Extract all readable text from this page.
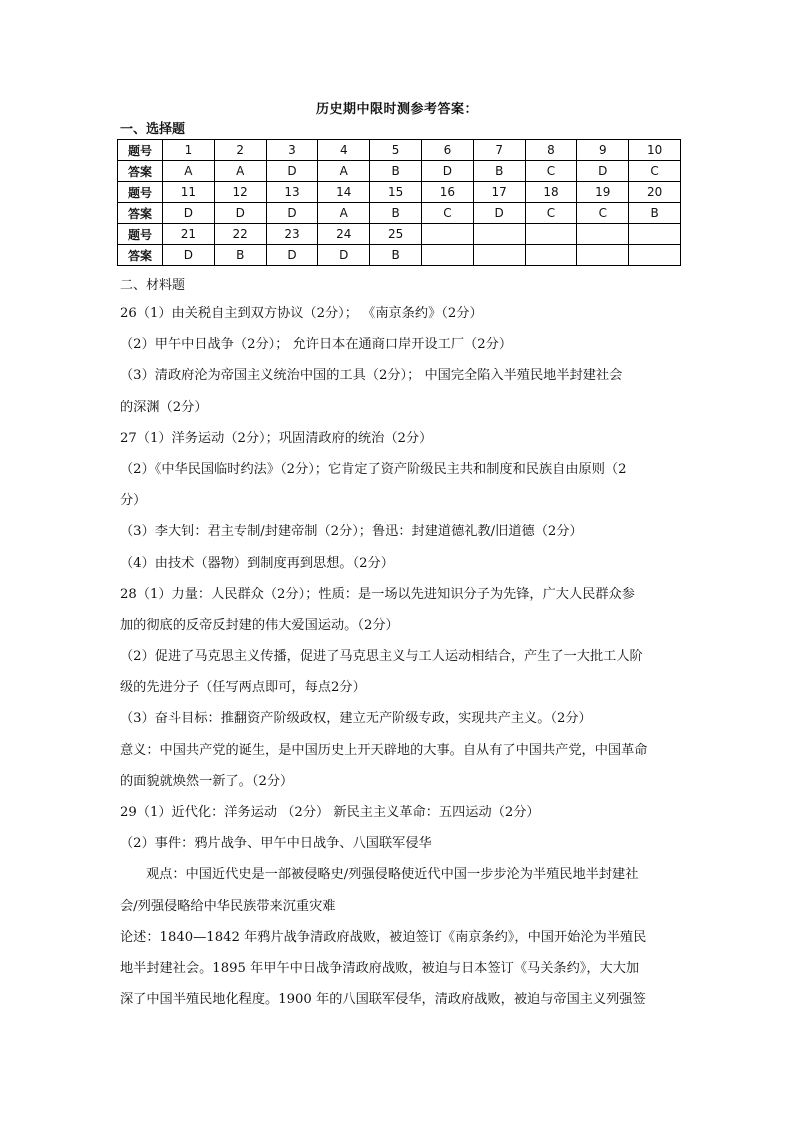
历史期中限时测参考答案：
一、选择题
题号	1	2	3	4	5	6	7	8	9	10
答案	A	A	D	A	B	D	B	C	D	C
题号	11	12	13	14	15	16	17	18	19	20
答案	D	D	D	A	B	C	D	C	C	B
题号	21	22	23	24	25					
答案	D	B	D	D	B					
二、材料题
26（1）由关税自主到双方协议（2分）； 《南京条约》（2分）
（2）甲午中日战争（2分）； 允许日本在通商口岸开设工厂（2分）
（3）清政府沦为帝国主义统治中国的工具（2分）； 中国完全陷入半殖民地半封建社会
的深渊（2分）
27（1）洋务运动（2分）；巩固清政府的统治（2分）
（2）《中华民国临时约法》（2分）；它肯定了资产阶级民主共和制度和民族自由原则（2
分）
（3）李大钊：君主专制/封建帝制（2分）；鲁迅：封建道德礼教/旧道德（2分）
（4）由技术（器物）到制度再到思想。（2分）
28（1）力量：人民群众（2分）；性质：是一场以先进知识分子为先锋，广大人民群众参
加的彻底的反帝反封建的伟大爱国运动。（2分）
（2）促进了马克思主义传播，促进了马克思主义与工人运动相结合，产生了一大批工人阶
级的先进分子（任写两点即可，每点2分）
（3）奋斗目标：推翻资产阶级政权，建立无产阶级专政，实现共产主义。（2分）
意义：中国共产党的诞生，是中国历史上开天辟地的大事。自从有了中国共产党，中国革命
的面貌就焕然一新了。（2分）
29（1）近代化：洋务运动 （2分） 新民主主义革命：五四运动（2分）
（2）事件：鸦片战争、甲午中日战争、八国联军侵华
观点：中国近代史是一部被侵略史/列强侵略使近代中国一步步沦为半殖民地半封建社
会/列强侵略给中华民族带来沉重灾难
论述：1840—1842 年鸦片战争清政府战败，被迫签订《南京条约》，中国开始沦为半殖民
地半封建社会。1895 年甲午中日战争清政府战败，被迫与日本签订《马关条约》，大大加
深了中国半殖民地化程度。1900 年的八国联军侵华，清政府战败，被迫与帝国主义列强签
